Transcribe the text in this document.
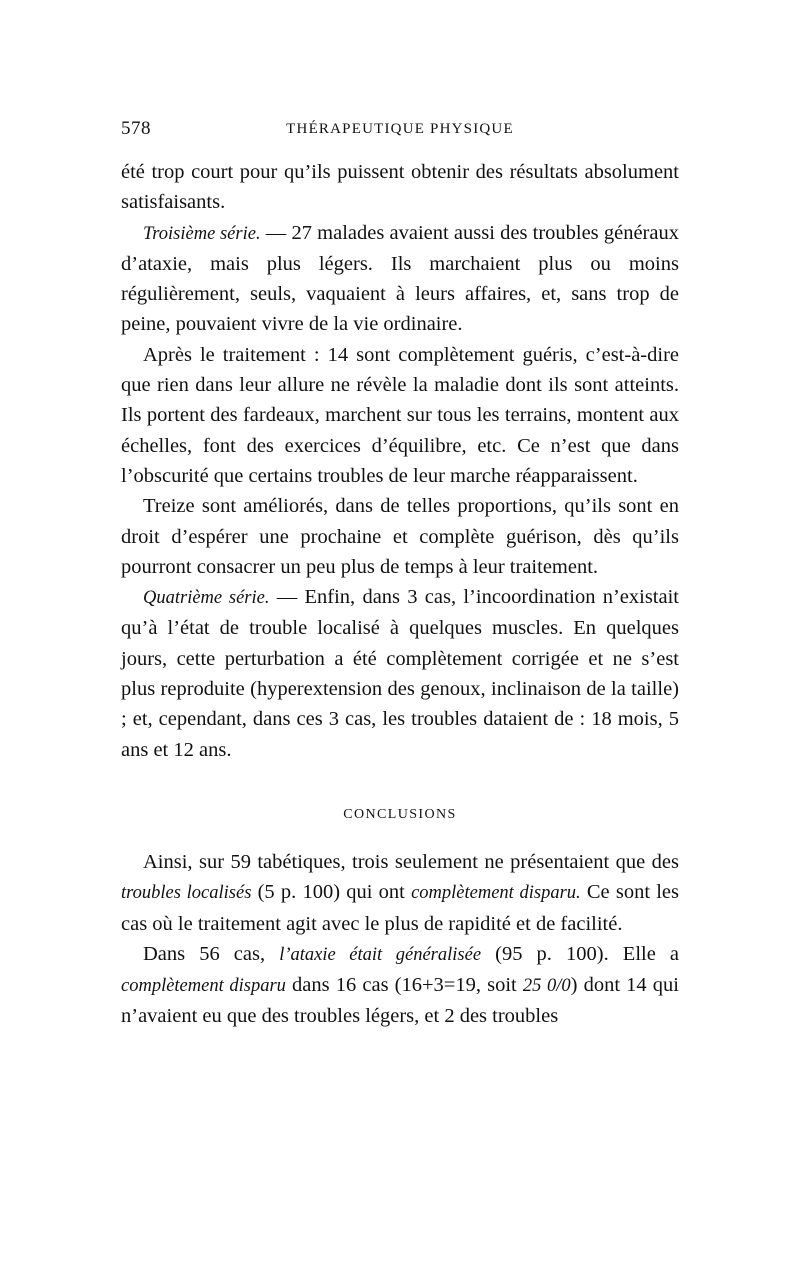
578	THÉRAPEUTIQUE PHYSIQUE

été trop court pour qu’ils puissent obtenir des résultats absolument satisfaisants.

Troisième série. — 27 malades avaient aussi des troubles généraux d’ataxie, mais plus légers. Ils marchaient plus ou moins régulièrement, seuls, vaquaient à leurs affaires, et, sans trop de peine, pouvaient vivre de la vie ordinaire.

Après le traitement : 14 sont complètement guéris, c’est-à-dire que rien dans leur allure ne révèle la maladie dont ils sont atteints. Ils portent des fardeaux, marchent sur tous les terrains, montent aux échelles, font des exercices d’équilibre, etc. Ce n’est que dans l’obscurité que certains troubles de leur marche réapparaissent.

Treize sont améliorés, dans de telles proportions, qu’ils sont en droit d’espérer une prochaine et complète guérison, dès qu’ils pourront consacrer un peu plus de temps à leur traitement.

Quatrième série. — Enfin, dans 3 cas, l’incoordination n’existait qu’à l’état de trouble localisé à quelques muscles. En quelques jours, cette perturbation a été complètement corrigée et ne s’est plus reproduite (hyperextension des genoux, inclinaison de la taille) ; et, cependant, dans ces 3 cas, les troubles dataient de : 18 mois, 5 ans et 12 ans.

CONCLUSIONS

Ainsi, sur 59 tabétiques, trois seulement ne présentaient que des troubles localisés (5 p. 100) qui ont complètement disparu. Ce sont les cas où le traitement agit avec le plus de rapidité et de facilité.

Dans 56 cas, l’ataxie était généralisée (95 p. 100). Elle a complètement disparu dans 16 cas (16+3=19, soit 25 0/0) dont 14 qui n’avaient eu que des troubles légers, et 2 des troubles
